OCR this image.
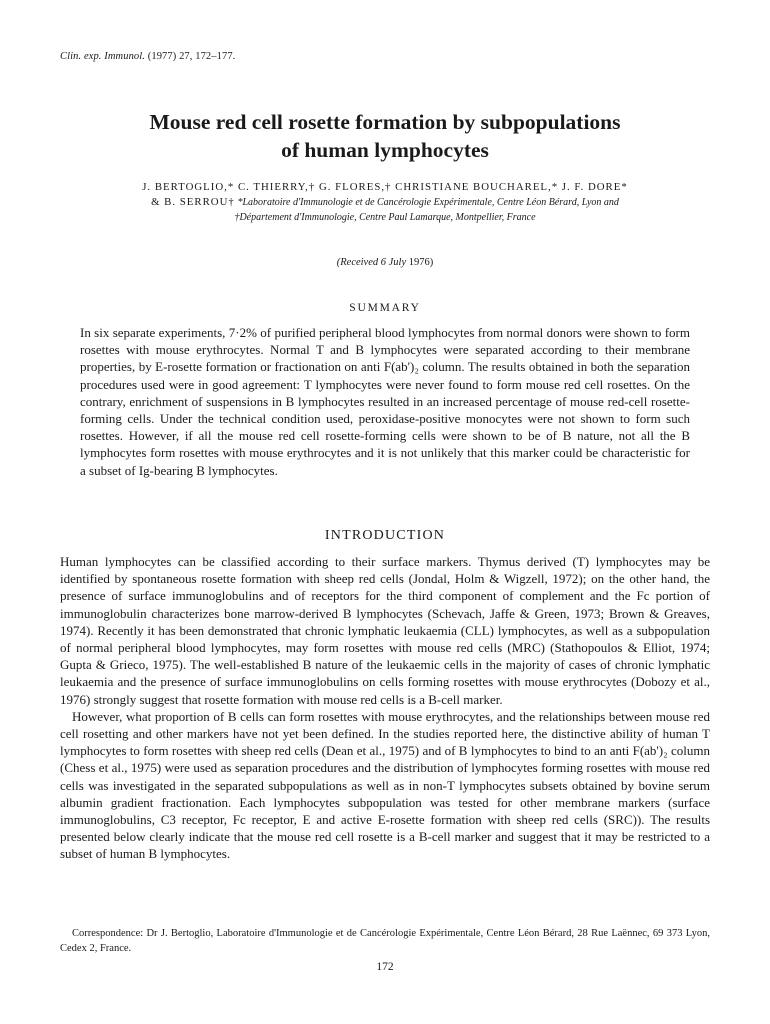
Clin. exp. Immunol. (1977) 27, 172–177.
Mouse red cell rosette formation by subpopulations
of human lymphocytes
J. BERTOGLIO,* C. THIERRY,† G. FLORES,† CHRISTIANE BOUCHAREL,* J. F. DORE*
& B. SERROU† *Laboratoire d'Immunologie et de Cancérologie Expérimentale, Centre Léon Bérard, Lyon and
†Département d'Immunologie, Centre Paul Lamarque, Montpellier, France
(Received 6 July 1976)
SUMMARY
In six separate experiments, 7·2% of purified peripheral blood lymphocytes from normal donors were shown to form rosettes with mouse erythrocytes. Normal T and B lymphocytes were separated according to their membrane properties, by E-rosette formation or fractionation on anti F(ab')₂ column. The results obtained in both the separation procedures used were in good agreement: T lymphocytes were never found to form mouse red cell rosettes. On the contrary, enrichment of suspensions in B lymphocytes resulted in an increased percentage of mouse red-cell rosette-forming cells. Under the technical condition used, peroxidase-positive monocytes were not shown to form such rosettes. However, if all the mouse red cell rosette-forming cells were shown to be of B nature, not all the B lymphocytes form rosettes with mouse erythrocytes and it is not unlikely that this marker could be characteristic for a subset of Ig-bearing B lymphocytes.
INTRODUCTION

Human lymphocytes can be classified according to their surface markers. Thymus derived (T) lymphocytes may be identified by spontaneous rosette formation with sheep red cells (Jondal, Holm & Wigzell, 1972); on the other hand, the presence of surface immunoglobulins and of receptors for the third component of complement and the Fc portion of immunoglobulin characterizes bone marrow-derived B lymphocytes (Schevach, Jaffe & Green, 1973; Brown & Greaves, 1974). Recently it has been demonstrated that chronic lymphatic leukaemia (CLL) lymphocytes, as well as a subpopulation of normal peripheral blood lymphocytes, may form rosettes with mouse red cells (MRC) (Stathopoulos & Elliot, 1974; Gupta & Grieco, 1975). The well-established B nature of the leukaemic cells in the majority of cases of chronic lymphatic leukaemia and the presence of surface immunoglobulins on cells forming rosettes with mouse erythrocytes (Dobozy et al., 1976) strongly suggest that rosette formation with mouse red cells is a B-cell marker.

However, what proportion of B cells can form rosettes with mouse erythrocytes, and the relationships between mouse red cell rosetting and other markers have not yet been defined. In the studies reported here, the distinctive ability of human T lymphocytes to form rosettes with sheep red cells (Dean et al., 1975) and of B lymphocytes to bind to an anti F(ab')₂ column (Chess et al., 1975) were used as separation procedures and the distribution of lymphocytes forming rosettes with mouse red cells was investigated in the separated subpopulations as well as in non-T lymphocytes subsets obtained by bovine serum albumin gradient fractionation. Each lymphocytes subpopulation was tested for other membrane markers (surface immunoglobulins, C3 receptor, Fc receptor, E and active E-rosette formation with sheep red cells (SRC)). The results presented below clearly indicate that the mouse red cell rosette is a B-cell marker and suggest that it may be restricted to a subset of human B lymphocytes.

Correspondence: Dr J. Bertoglio, Laboratoire d'Immunologie et de Cancérologie Expérimentale, Centre Léon Bérard, 28 Rue Laënnec, 69 373 Lyon, Cedex 2, France.
172
